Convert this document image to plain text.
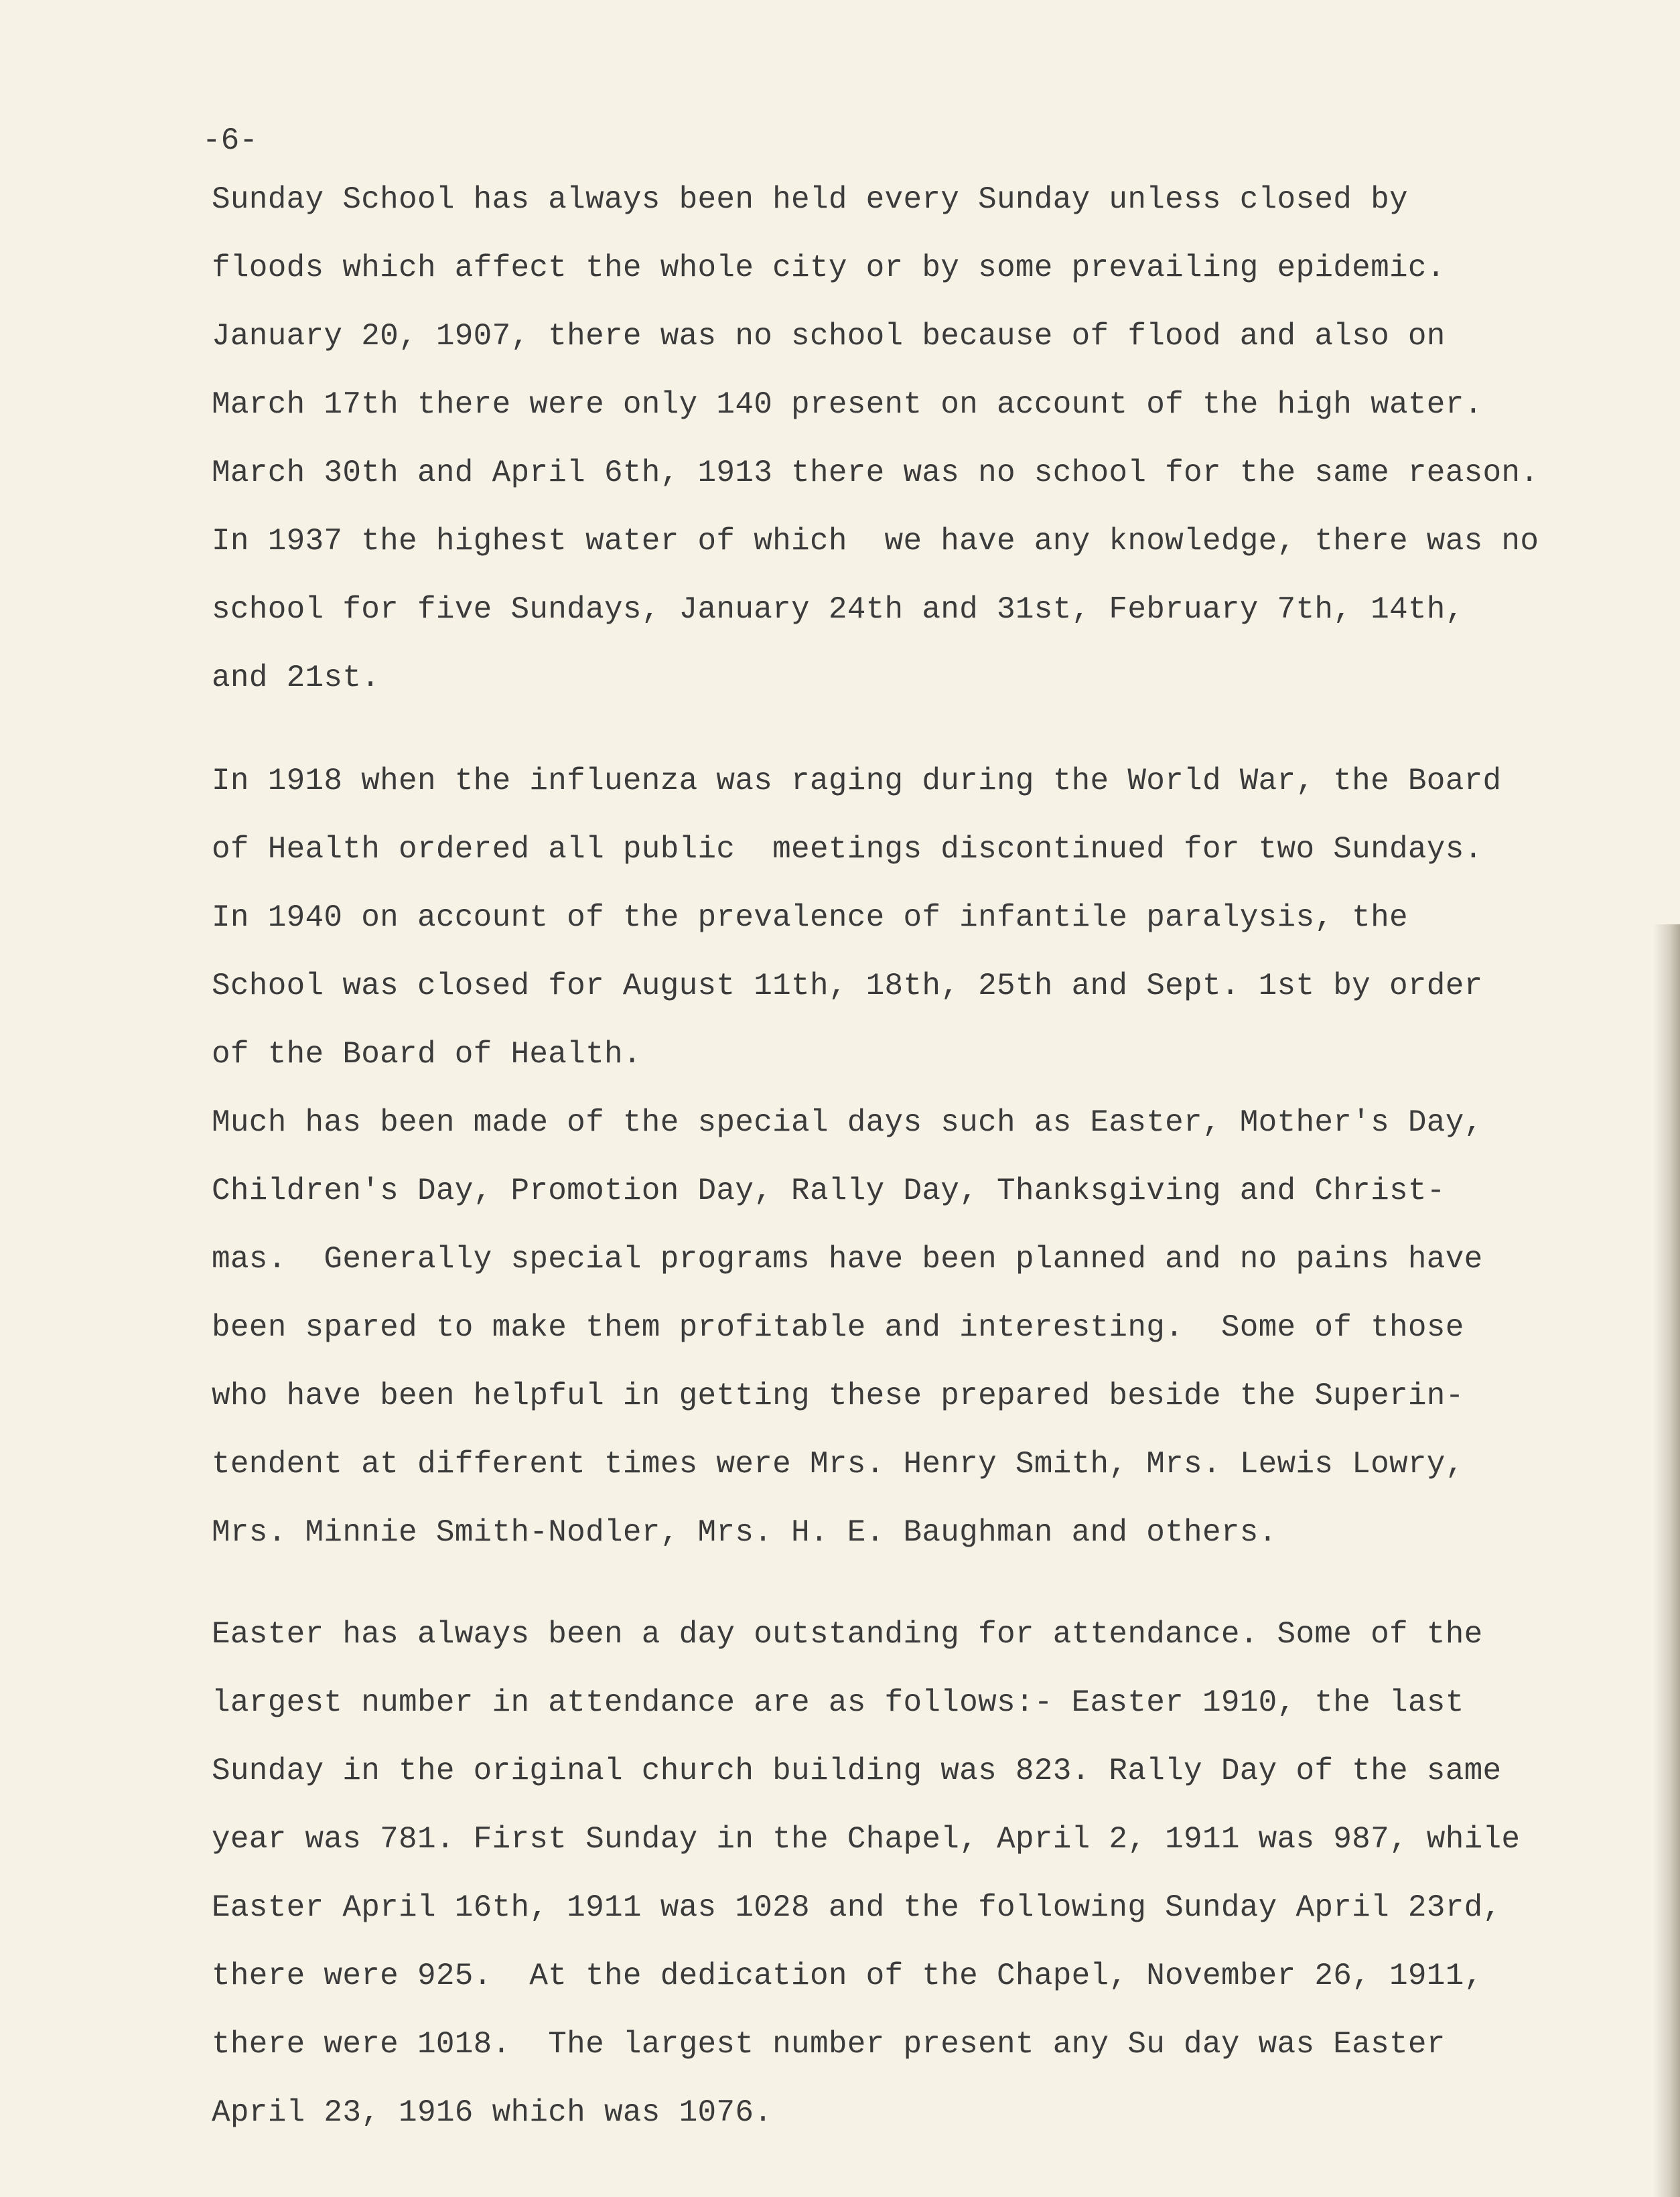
-6-

Sunday School has always been held every Sunday unless closed by

floods which affect the whole city or by some prevailing epidemic.

January 20, 1907, there was no school because of flood and also on

March 17th there were only 140 present on account of the high water.

March 30th and April 6th, 1913 there was no school for the same reason.

In 1937 the highest water of which  we have any knowledge, there was no

school for five Sundays, January 24th and 31st, February 7th, 14th,

and 21st.

In 1918 when the influenza was raging during the World War, the Board

of Health ordered all public  meetings discontinued for two Sundays.

In 1940 on account of the prevalence of infantile paralysis, the

School was closed for August 11th, 18th, 25th and Sept. 1st by order

of the Board of Health.

Much has been made of the special days such as Easter, Mother's Day,

Children's Day, Promotion Day, Rally Day, Thanksgiving and Christ-

mas.  Generally special programs have been planned and no pains have

been spared to make them profitable and interesting.  Some of those

who have been helpful in getting these prepared beside the Superin-

tendent at different times were Mrs. Henry Smith, Mrs. Lewis Lowry,

Mrs. Minnie Smith-Nodler, Mrs. H. E. Baughman and others.

Easter has always been a day outstanding for attendance. Some of the

largest number in attendance are as follows:- Easter 1910, the last

Sunday in the original church building was 823. Rally Day of the same

year was 781. First Sunday in the Chapel, April 2, 1911 was 987, while

Easter April 16th, 1911 was 1028 and the following Sunday April 23rd,

there were 925.  At the dedication of the Chapel, November 26, 1911,

there were 1018.  The largest number present any Su day was Easter

April 23, 1916 which was 1076.
